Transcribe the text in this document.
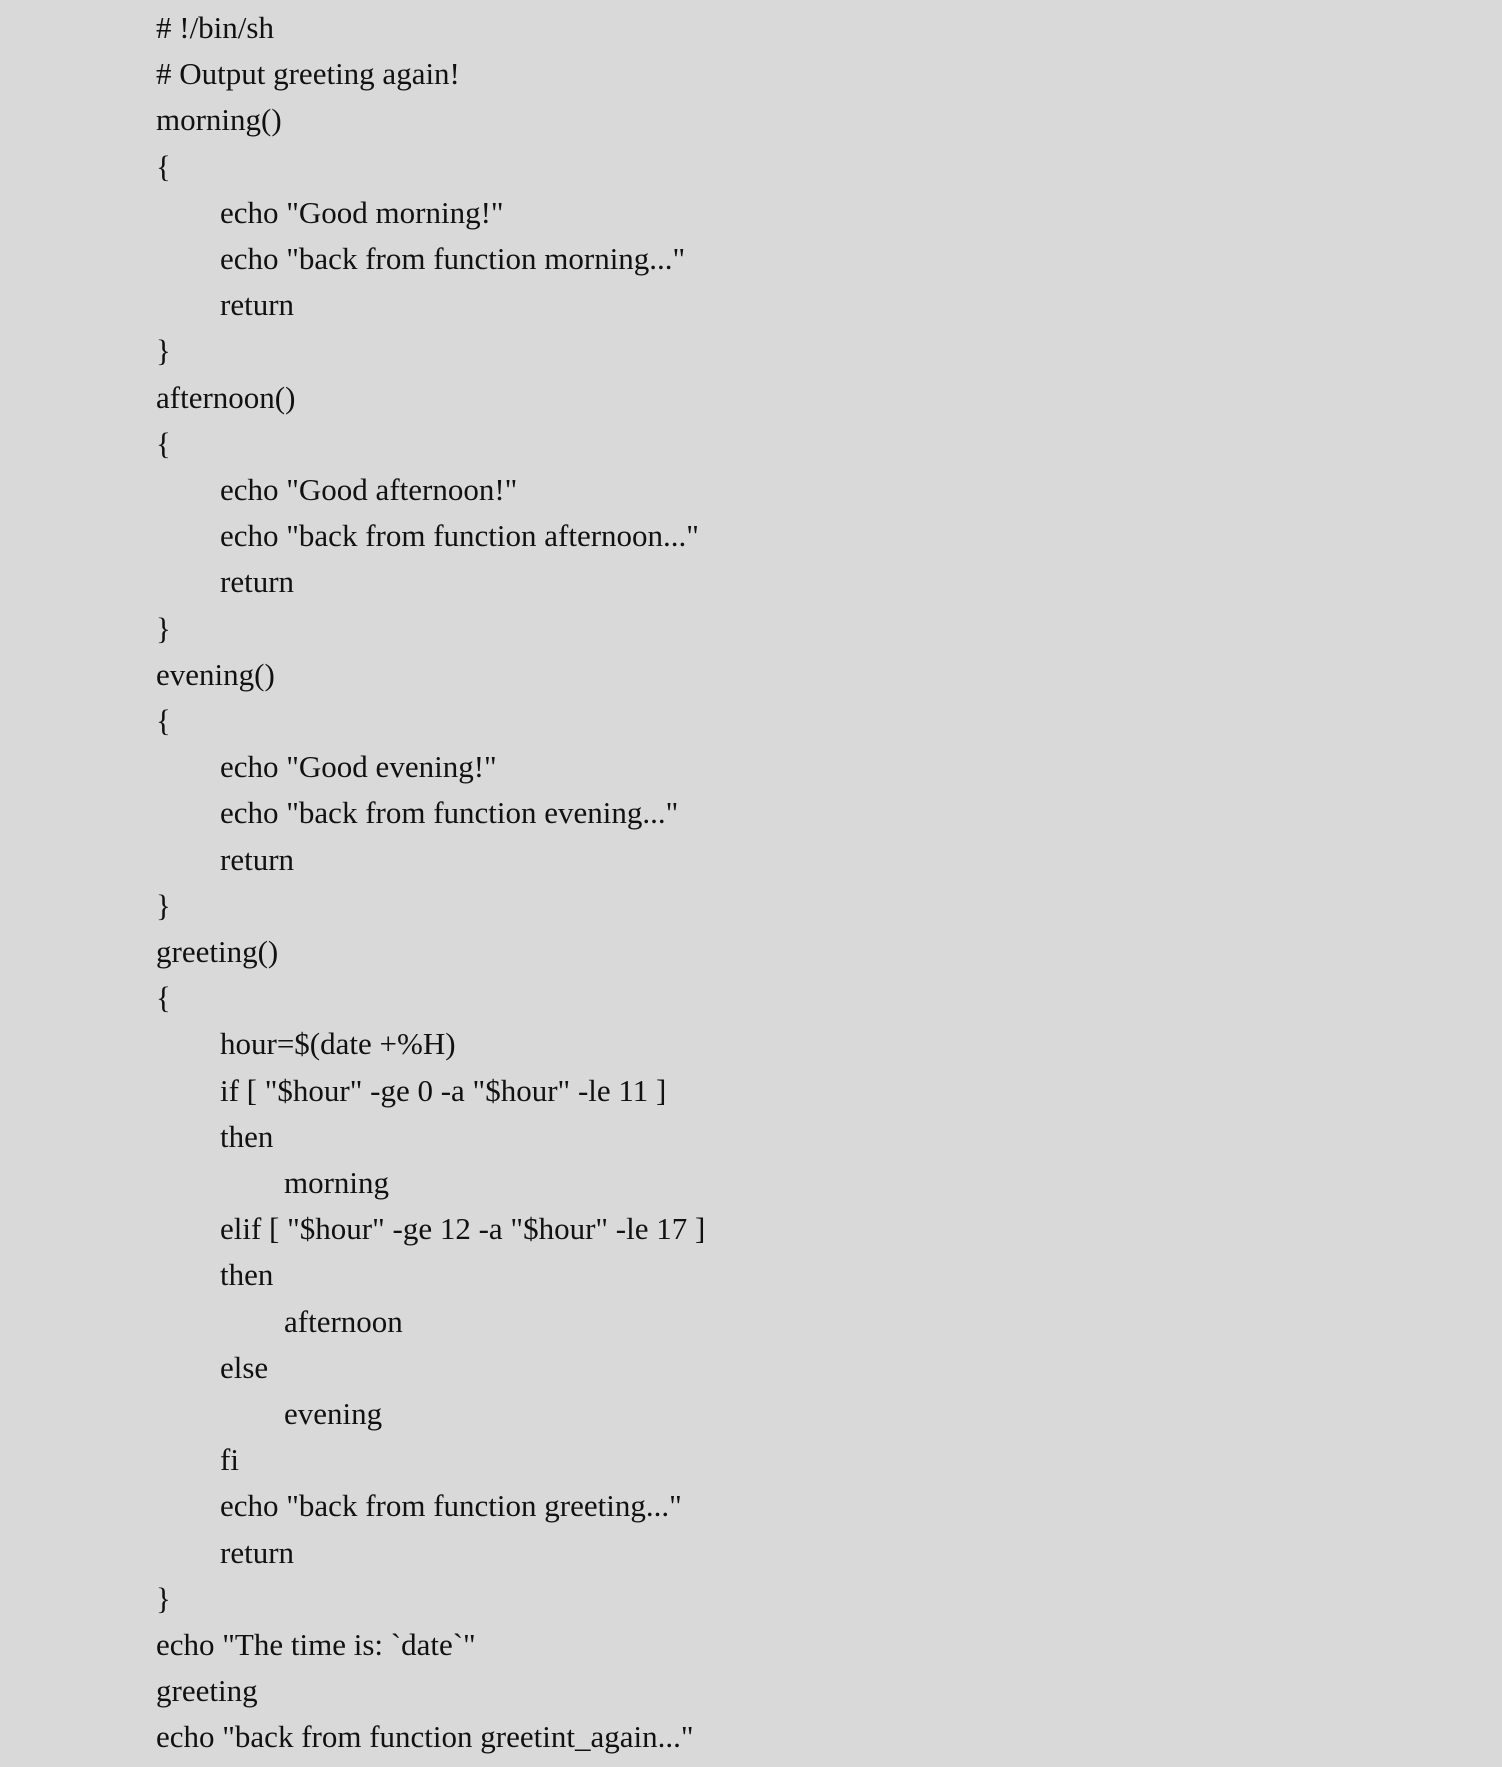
# !/bin/sh
# Output greeting again!
morning()
{
echo "Good morning!"
echo "back from function morning..."
return
}
afternoon()
{
echo "Good afternoon!"
echo "back from function afternoon..."
return
}
evening()
{
echo "Good evening!"
echo "back from function evening..."
return
}
greeting()
{
hour=$(date +%H)
if [ "$hour" -ge 0 -a "$hour" -le 11 ]
then
morning
elif [ "$hour" -ge 12 -a "$hour" -le 17 ]
then
afternoon
else
evening
fi
echo "back from function greeting..."
return
}
echo "The time is: `date`"
greeting
echo "back from function greetint_again..."
